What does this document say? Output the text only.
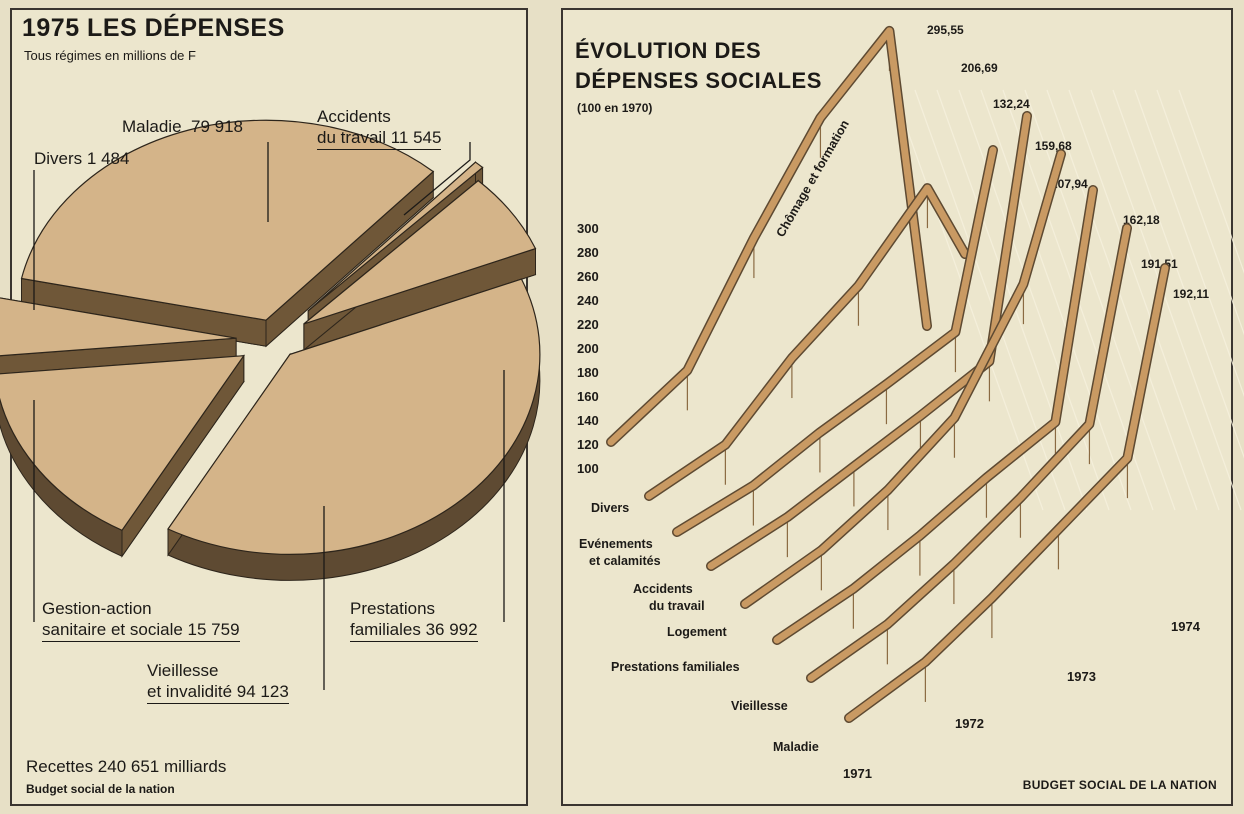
1975 LES DÉPENSES
Tous régimes en millions de F
Maladie 79 918
Divers 1 484
Accidents
du travail 11 545
Gestion-action
sanitaire et sociale 15 759
Prestations
familiales 36 992
Vieillesse
et invalidité 94 123
Recettes 240 651 milliards
Budget social de la nation
ÉVOLUTION DES
DÉPENSES SOCIALES
(100 en 1970)
100
120
140
160
180
200
220
240
260
280
300
295,55
206,69
132,24
159,68
207,94
162,18
191,51
192,11
Divers
Evénements
et calamités
Accidents
du travail
Logement
Prestations familiales
Vieillesse
Maladie
Chômage et formation
1971
1972
1973
1974
BUDGET SOCIAL DE LA NATION
